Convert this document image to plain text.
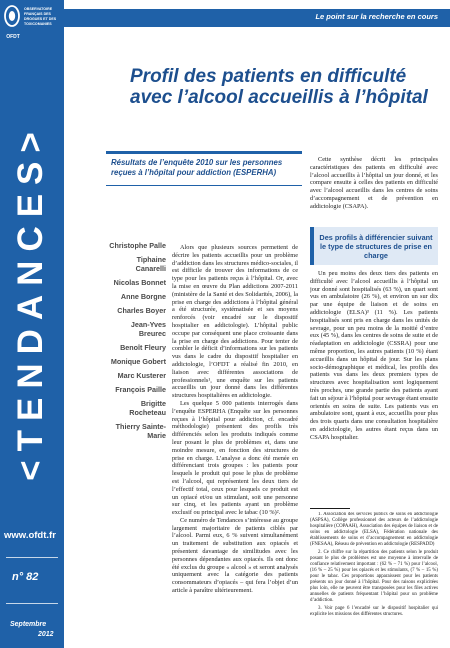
OBSERVATOIRE
FRANÇAIS DES
DROGUES ET DES
TOXICOMANIES
OFDT
<TENDANCES>
www.ofdt.fr
n° 82
Septembre
2012
Le point sur la recherche en cours
Profil des patients en difficulté avec l’alcool accueillis à l’hôpital

Résultats de l’enquête 2010 sur les personnes reçues à l’hôpital pour addiction (ESPERHA)

Christophe Palle
Tiphaine Canarelli
Nicolas Bonnet
Anne Borgne
Charles Boyer
Jean-Yves Breurec
Benoît Fleury
Monique Gobert
Marc Kusterer
François Paille
Brigitte Rocheteau
Thierry Sainte-Marie

Alors que plusieurs sources permettent de décrire les patients accueillis pour un problème d’addiction dans les structures médico-sociales, il est difficile de trouver des informations de ce type pour les patients reçus à l’hôpital. Or, avec la mise en œuvre du Plan addictions 2007-2011 (ministère de la Santé et des Solidarités, 2006), la prise en charge des addictions à l’hôpital général a été structurée, systématisée et ses moyens renforcés (voir encadré sur le dispositif hospitalier en addictologie). L’hôpital public occupe par conséquent une place croissante dans la prise en charge des addictions. Pour tenter de combler le déficit d’informations sur les patients vus dans le cadre du dispositif hospitalier en addictologie, l’OFDT a réalisé fin 2010, en liaison avec différentes associations de professionnels¹, une enquête sur les patients accueillis un jour donné dans les différentes structures hospitalières en addictologie.

Les quelque 5 000 patients interrogés dans l’enquête ESPERHA (Enquête sur les personnes reçues à l’hôpital pour addiction, cf. encadré méthodologie) présentent des profils très différenciés selon les produits indiqués comme leur posant le plus de problèmes et, dans une moindre mesure, en fonction des structures de prise en charge. L’analyse a donc été menée en différenciant trois groupes : les patients pour lesquels le produit qui pose le plus de problème est l’alcool, qui représentent les deux tiers de l’effectif total, ceux pour lesquels ce produit est un opiacé et/ou un stimulant, soit une personne sur cinq, et les patients ayant un problème exclusif ou principal avec le tabac (10 %)².

Ce numéro de Tendances s’intéresse au groupe largement majoritaire de patients ciblés par l’alcool. Parmi eux, 6 % suivent simultanément un traitement de substitution aux opiacés et présentent davantage de similitudes avec les personnes dépendantes aux opiacés. Ils ont donc été exclus du groupe « alcool » et seront analysés uniquement avec la catégorie des patients consommateurs d’opiacés – qui fera l’objet d’un article à paraître ultérieurement.

Cette synthèse décrit les principales caractéristiques des patients en difficulté avec l’alcool accueillis à l’hôpital un jour donné, et les compare ensuite à celles des patients en difficulté avec l’alcool accueillis dans les centres de soins d’accompagnement et de prévention en addictologie (CSAPA).

Des profils à différencier suivant le type de structures de prise en charge

Un peu moins des deux tiers des patients en difficulté avec l’alcool accueillis à l’hôpital un jour donné sont hospitalisés (63 %), un quart sont vus en ambulatoire (26 %), et environ un sur dix par une équipe de liaison et de soins en addictologie (ELSA)³ (11 %). Les patients hospitalisés sont pris en charge dans les unités de sevrage, pour un peu moins de la moitié d’entre eux (45 %), dans les centres de soins de suite et de réadaptation en addictologie (CSSRA) pour une même proportion, les autres patients (10 %) étant accueillis dans un hôpital de jour. Sur les plans socio-démographique et médical, les profils des patients vus dans les deux premiers types de structures avec hospitalisation sont logiquement très proches, une grande partie des patients ayant fait un séjour à l’hôpital pour sevrage étant ensuite orientés en soins de suite. Les patients vus en ambulatoire sont, quant à eux, accueillis pour plus des trois quarts dans une consultation hospitalière en addictologie, les autres étant reçus dans un CSAPA hospitalier.

1. Association des services publics de soins en addictologie (ASPSA), Collège professionnel des acteurs de l’addictologie hospitalière (COPAAH), Association des équipes de liaison et de soins en addictologie (ELSA), Fédération nationale des établissements de soins et d’accompagnement en addictologie (FNESAA), Réseau de prévention en addictologie (RESPADD)

2. Ce chiffre sur la répartition des patients selon le produit posant le plus de problèmes est une moyenne à intervalle de confiance relativement important : (62 % – 71 %) pour l’alcool, (16 % – 25 %) pour les opiacés et les stimulants, (7 % – 15 %) pour le tabac. Ces proportions apparaissent pour les patients présents un jour donné à l’hôpital. Pour des raisons explicitées plus loin, elle ne peuvent être transposées pour les files actives annuelles de patients fréquentant l’hôpital pour un problème d’addiction.

3. Voir page 6 l’encadré sur le dispositif hospitalier qui explicite les missions des différentes structures.
